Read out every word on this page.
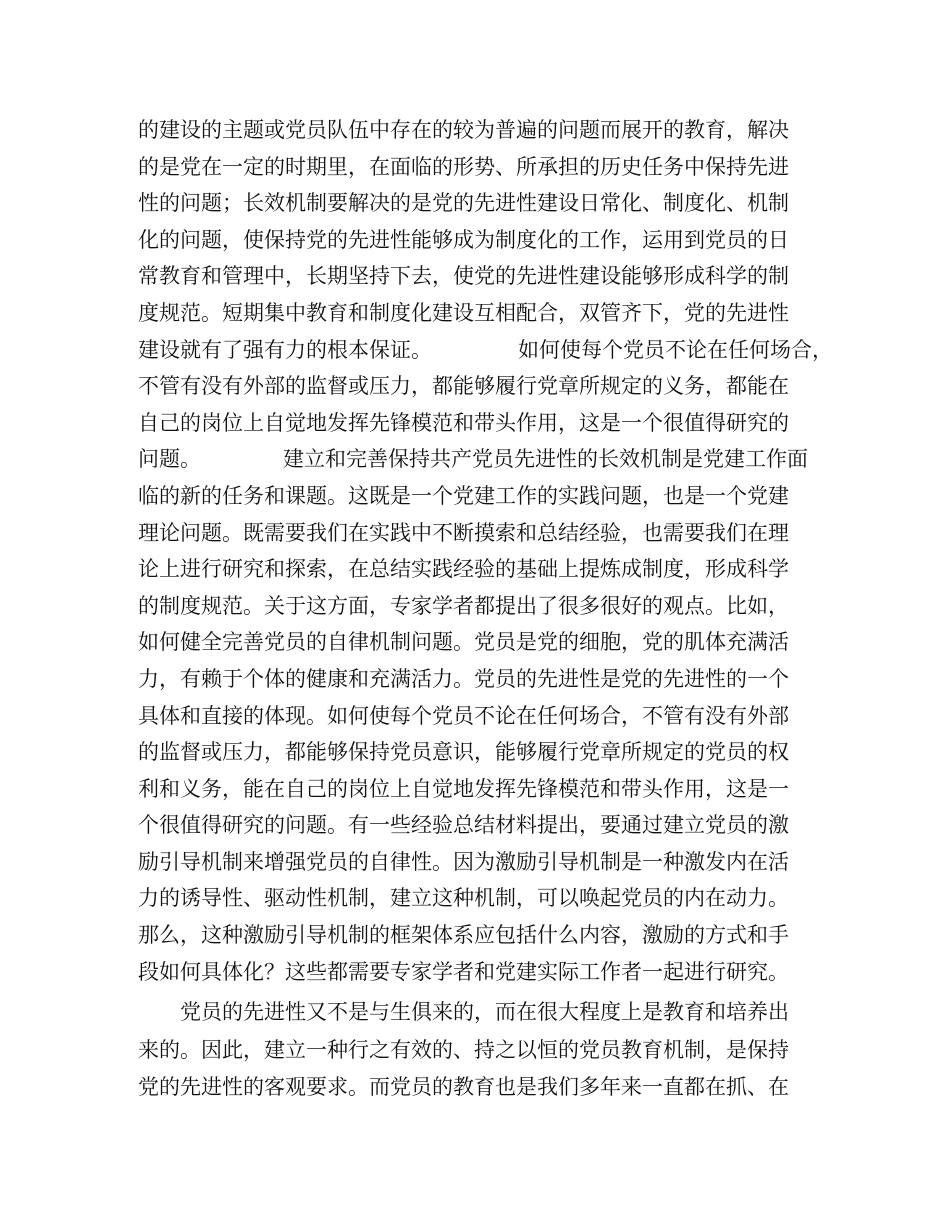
的建设的主题或党员队伍中存在的较为普遍的问题而展开的教育，解决
的是党在一定的时期里，在面临的形势、所承担的历史任务中保持先进
性的问题；长效机制要解决的是党的先进性建设日常化、制度化、机制
化的问题，使保持党的先进性能够成为制度化的工作，运用到党员的日
常教育和管理中，长期坚持下去，使党的先进性建设能够形成科学的制
度规范。短期集中教育和制度化建设互相配合，双管齐下，党的先进性
建设就有了强有力的根本保证。	如何使每个党员不论在任何场合，
不管有没有外部的监督或压力，都能够履行党章所规定的义务，都能在
自己的岗位上自觉地发挥先锋模范和带头作用，这是一个很值得研究的
问题。	建立和完善保持共产党员先进性的长效机制是党建工作面
临的新的任务和课题。这既是一个党建工作的实践问题，也是一个党建
理论问题。既需要我们在实践中不断摸索和总结经验，也需要我们在理
论上进行研究和探索，在总结实践经验的基础上提炼成制度，形成科学
的制度规范。关于这方面，专家学者都提出了很多很好的观点。比如，
如何健全完善党员的自律机制问题。党员是党的细胞，党的肌体充满活
力，有赖于个体的健康和充满活力。党员的先进性是党的先进性的一个
具体和直接的体现。如何使每个党员不论在任何场合，不管有没有外部
的监督或压力，都能够保持党员意识，能够履行党章所规定的党员的权
利和义务，能在自己的岗位上自觉地发挥先锋模范和带头作用，这是一
个很值得研究的问题。有一些经验总结材料提出，要通过建立党员的激
励引导机制来增强党员的自律性。因为激励引导机制是一种激发内在活
力的诱导性、驱动性机制，建立这种机制，可以唤起党员的内在动力。
那么，这种激励引导机制的框架体系应包括什么内容，激励的方式和手
段如何具体化？这些都需要专家学者和党建实际工作者一起进行研究。
党员的先进性又不是与生俱来的，而在很大程度上是教育和培养出
来的。因此，建立一种行之有效的、持之以恒的党员教育机制，是保持
党的先进性的客观要求。而党员的教育也是我们多年来一直都在抓、在
